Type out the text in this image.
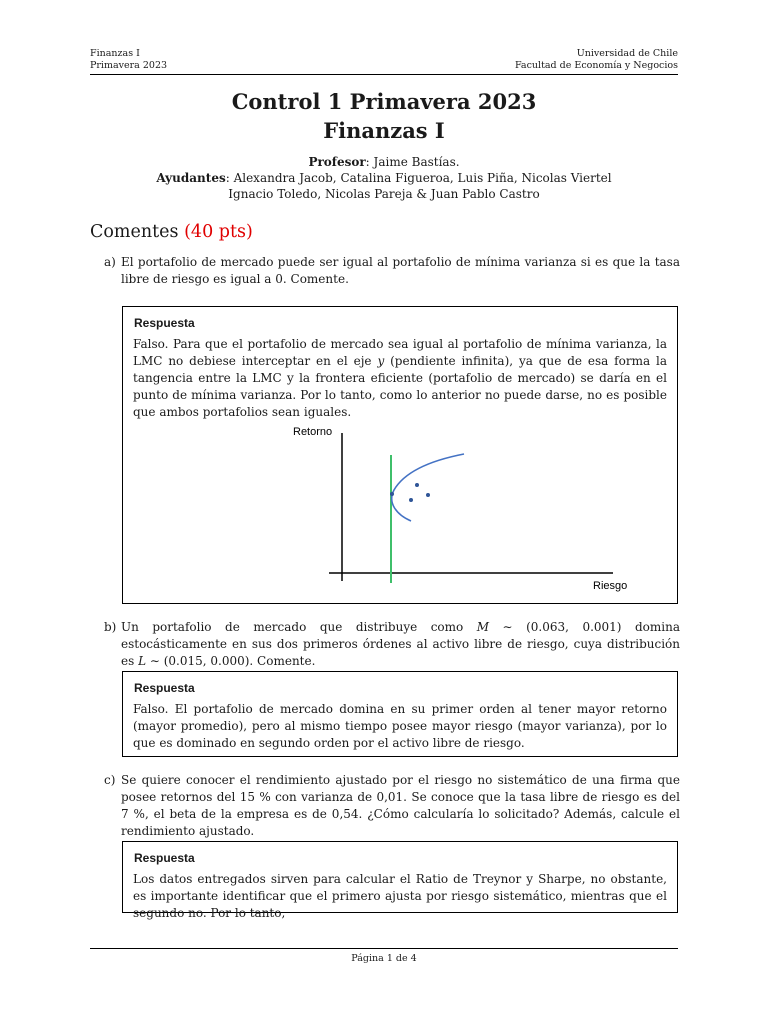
Finanzas I
Primavera 2023
Universidad de Chile
Facultad de Economía y Negocios
Control 1 Primavera 2023
Finanzas I
Profesor: Jaime Bastías.
Ayudantes: Alexandra Jacob, Catalina Figueroa, Luis Piña, Nicolas Viertel
Ignacio Toledo, Nicolas Pareja & Juan Pablo Castro
Comentes (40 pts)
a) El portafolio de mercado puede ser igual al portafolio de mínima varianza si es que la tasa libre de riesgo es igual a 0. Comente.
Respuesta
Falso. Para que el portafolio de mercado sea igual al portafolio de mínima varianza, la LMC no debiese interceptar en el eje y (pendiente infinita), ya que de esa forma la tangencia entre la LMC y la frontera eficiente (portafolio de mercado) se daría en el punto de mínima varianza. Por lo tanto, como lo anterior no puede darse, no es posible que ambos portafolios sean iguales.
Retorno
Riesgo
b) Un portafolio de mercado que distribuye como M ∼ (0.063, 0.001) domina estocásticamente en sus dos primeros órdenes al activo libre de riesgo, cuya distribución es L ∼ (0.015, 0.000). Comente.
Respuesta
Falso. El portafolio de mercado domina en su primer orden al tener mayor retorno (mayor promedio), pero al mismo tiempo posee mayor riesgo (mayor varianza), por lo que es dominado en segundo orden por el activo libre de riesgo.
c) Se quiere conocer el rendimiento ajustado por el riesgo no sistemático de una firma que posee retornos del 15 % con varianza de 0,01. Se conoce que la tasa libre de riesgo es del 7 %, el beta de la empresa es de 0,54. ¿Cómo calcularía lo solicitado? Además, calcule el rendimiento ajustado.
Respuesta
Los datos entregados sirven para calcular el Ratio de Treynor y Sharpe, no obstante, es importante identificar que el primero ajusta por riesgo sistemático, mientras que el segundo no. Por lo tanto,
Página 1 de 4
